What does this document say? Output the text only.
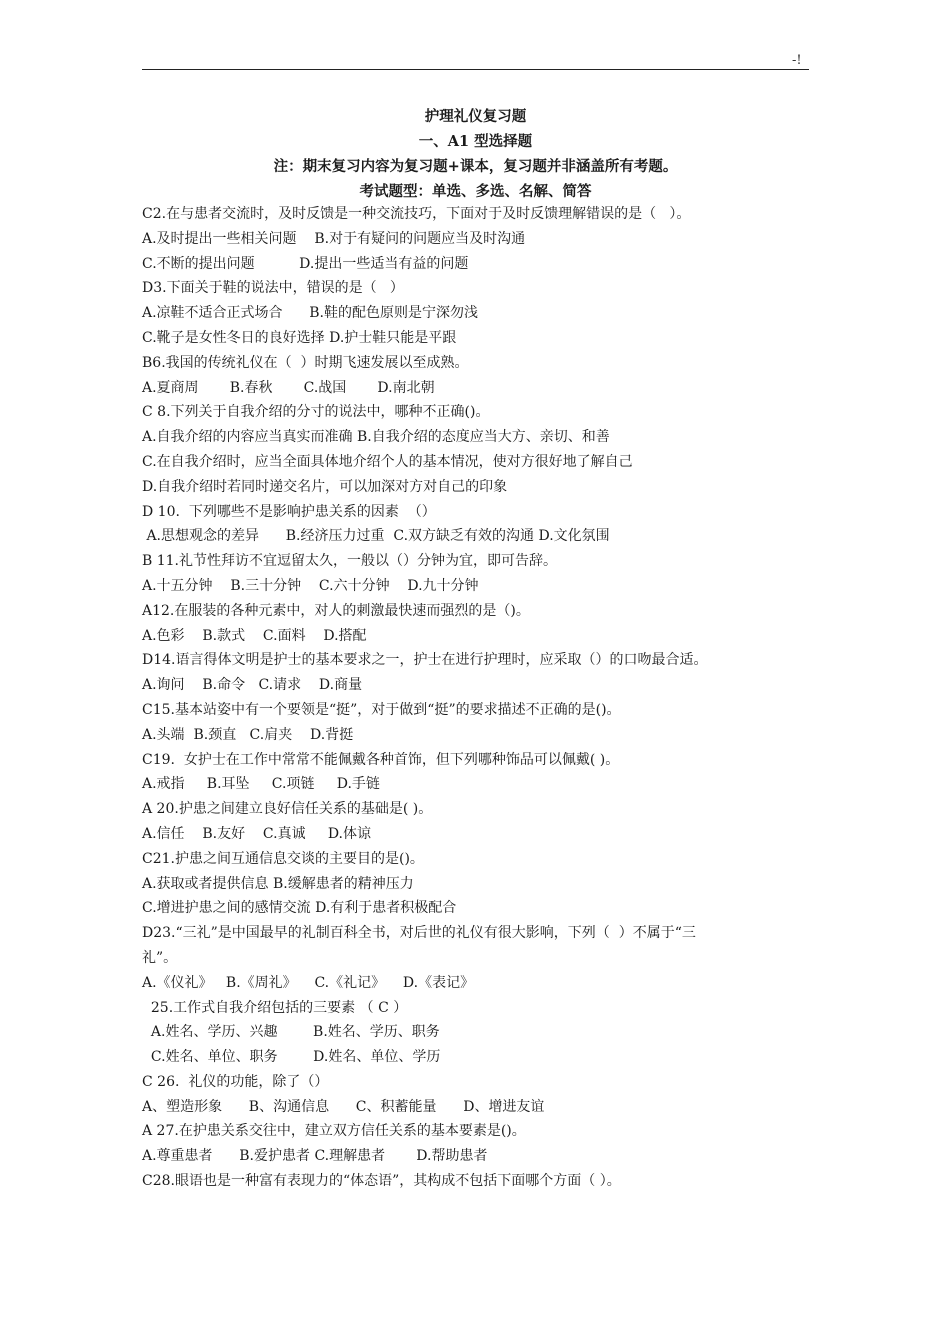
-!
护理礼仪复习题
一、A1 型选择题
注：期末复习内容为复习题+课本，复习题并非涵盖所有考题。
考试题型：单选、多选、名解、简答
C2.在与患者交流时，及时反馈是一种交流技巧，下面对于及时反馈理解错误的是（   ）。
A.及时提出一些相关问题    B.对于有疑问的问题应当及时沟通
C.不断的提出问题          D.提出一些适当有益的问题
D3.下面关于鞋的说法中，错误的是（   ）
A.凉鞋不适合正式场合      B.鞋的配色原则是宁深勿浅
C.靴子是女性冬日的良好选择 D.护士鞋只能是平跟
B6.我国的传统礼仪在（  ）时期飞速发展以至成熟。
A.夏商周       B.春秋       C.战国       D.南北朝
C 8.下列关于自我介绍的分寸的说法中，哪种不正确()。
A.自我介绍的内容应当真实而准确 B.自我介绍的态度应当大方、亲切、和善
C.在自我介绍时，应当全面具体地介绍个人的基本情况，使对方很好地了解自己
D.自我介绍时若同时递交名片，可以加深对方对自己的印象
D 10.  下列哪些不是影响护患关系的因素  （）
A.思想观念的差异      B.经济压力过重  C.双方缺乏有效的沟通 D.文化氛围
B 11.礼节性拜访不宜逗留太久，一般以（）分钟为宜，即可告辞。
A.十五分钟    B.三十分钟    C.六十分钟    D.九十分钟
A12.在服装的各种元素中，对人的刺激最快速而强烈的是（)。
A.色彩    B.款式    C.面料    D.搭配
D14.语言得体文明是护士的基本要求之一，护士在进行护理时，应采取（）的口吻最合适。
A.询问    B.命令   C.请求    D.商量
C15.基本站姿中有一个要领是“挺”，对于做到“挺”的要求描述不正确的是()。
A.头端  B.颈直   C.肩夹    D.背挺
C19.  女护士在工作中常常不能佩戴各种首饰，但下列哪种饰品可以佩戴( )。
A.戒指     B.耳坠     C.项链     D.手链
A 20.护患之间建立良好信任关系的基础是( )。
A.信任    B.友好    C.真诚     D.体谅
C21.护患之间互通信息交谈的主要目的是()。
A.获取或者提供信息 B.缓解患者的精神压力
C.增进护患之间的感情交流 D.有利于患者积极配合
D23.“三礼”是中国最早的礼制百科全书，对后世的礼仪有很大影响，下列（  ）不属于“三
礼”。
A.《仪礼》   B.《周礼》    C.《礼记》    D.《表记》
25.工作式自我介绍包括的三要素 （ C ）
A.姓名、学历、兴趣        B.姓名、学历、职务
C.姓名、单位、职务        D.姓名、单位、学历
C 26.  礼仪的功能，除了（）
A、塑造形象      B、沟通信息      C、积蓄能量      D、增进友谊
A 27.在护患关系交往中，建立双方信任关系的基本要素是()。
A.尊重患者      B.爱护患者 C.理解患者       D.帮助患者
C28.眼语也是一种富有表现力的“体态语”，其构成不包括下面哪个方面（ ）。
